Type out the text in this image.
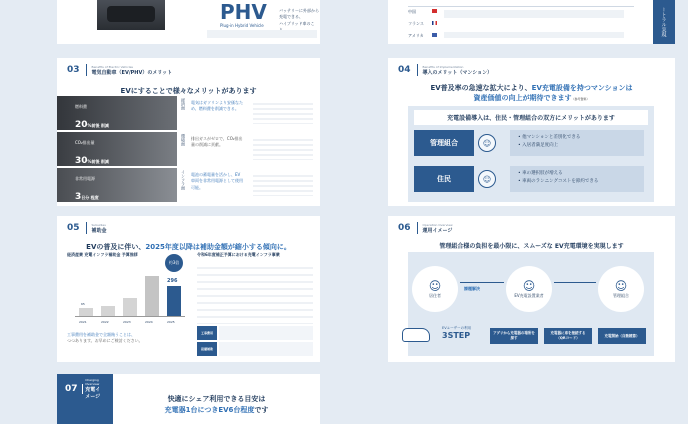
PHV
Plug-in Hybrid Vehicle
バッテリーに外部から充電できる、
ハイブリッド車のこ
中国
フランス
アメリカ	ートラル実現
03	Benefits of Electric Vehicles
電気自動車（EV/PHV）のメリット
EVにすることで様々なメリットがあります
燃料費
20%前後 削減
経済面 電気はガソリンより安価なため、燃料費を削減できる。
CO₂排出量
30%前後 削減
環境面 排出ガスがゼロで、CO₂排出量の削減に貢献。
非常用電源
3日分 程度
インフラ面 電池の蓄電量を活かし、EV車両を非常用電源として使用可能。
04	Benefits of Implementation
導入のメリット（マンション）
EV普及率の急速な拡大により、EV充電設備を持つマンションは
資産価値の向上が期待できます（参考資料）
充電設備導入は、住民・管理組合の双方にメリットがあります
管理組合	☺
• 他マンションと差別化できる
• 入居者満足度向上
住民	☺
• 車の選択肢が増える
• 車両のランニングコストを節約できる
05	Subsidies
補助金
EVの普及に伴い、2025年度以降は補助金額が縮小する傾向に。
経済産業 充電インフラ補助金 予算推移
約3倍
65
296
2021	2022	2023	2024	2025
工事費用を補助金で全額賄うことは、
つつあります。お早めにご検討ください。
令和6年度補正予算における充電インフラ事業
工事費用
設備補助
06	Operation Overview
運用イメージ
管理組合様の負担を最小限に、スムーズな EV充電環境を実現します
☺
居住者
☺
EV充電設置業者
☺
管理組合
課題解決
EVユーザーの利用
3STEP	アプリから充電器の場所を探す
充電器に車を接続する（QRコード）
充電開始（自動精算）
07
Charging Overview
充電イメージ	快適にシェア利用できる目安は
充電器1台につきEV6台程度です
